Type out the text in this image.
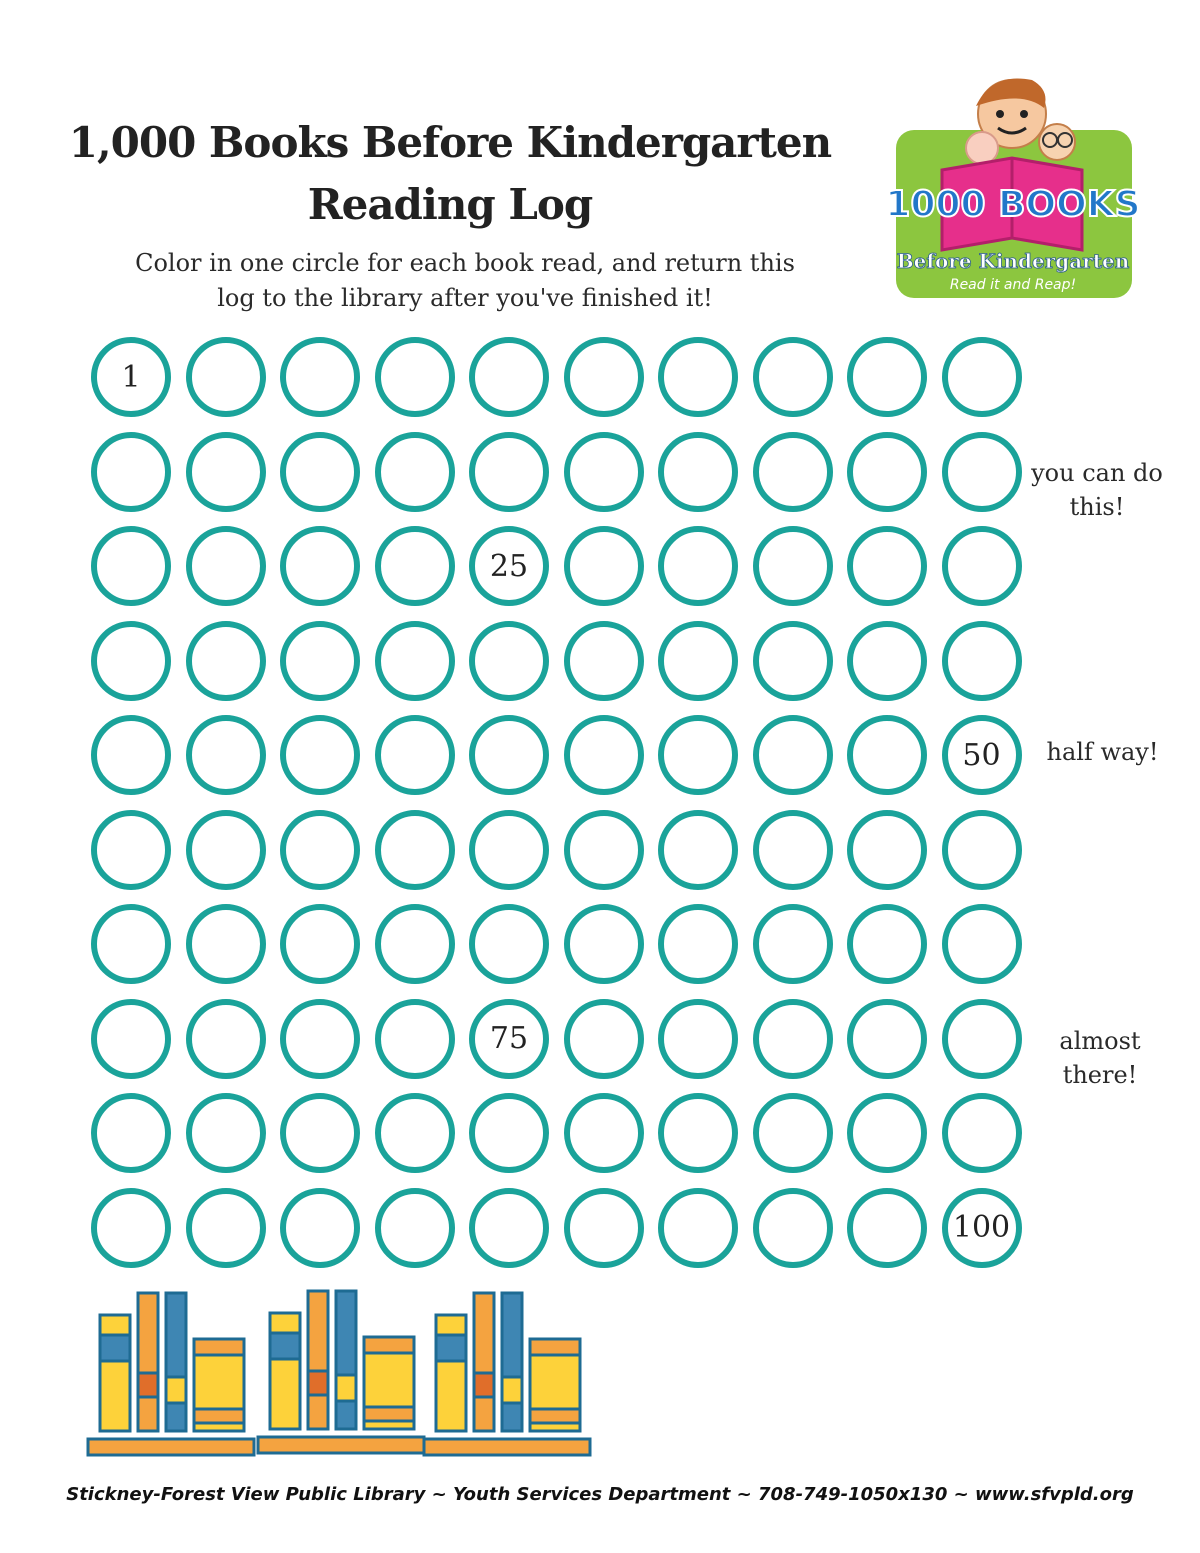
1,000 Books Before Kindergarten
Reading Log
Color in one circle for each book read, and return this
log to the library after you've finished it!
1000 BOOKS
Before Kindergarten
Read it and Reap!
1
25
50
75
100
you can do
this!
half way!
almost
there!
Stickney-Forest View Public Library ~ Youth Services Department ~ 708-749-1050x130 ~ www.sfvpld.org
